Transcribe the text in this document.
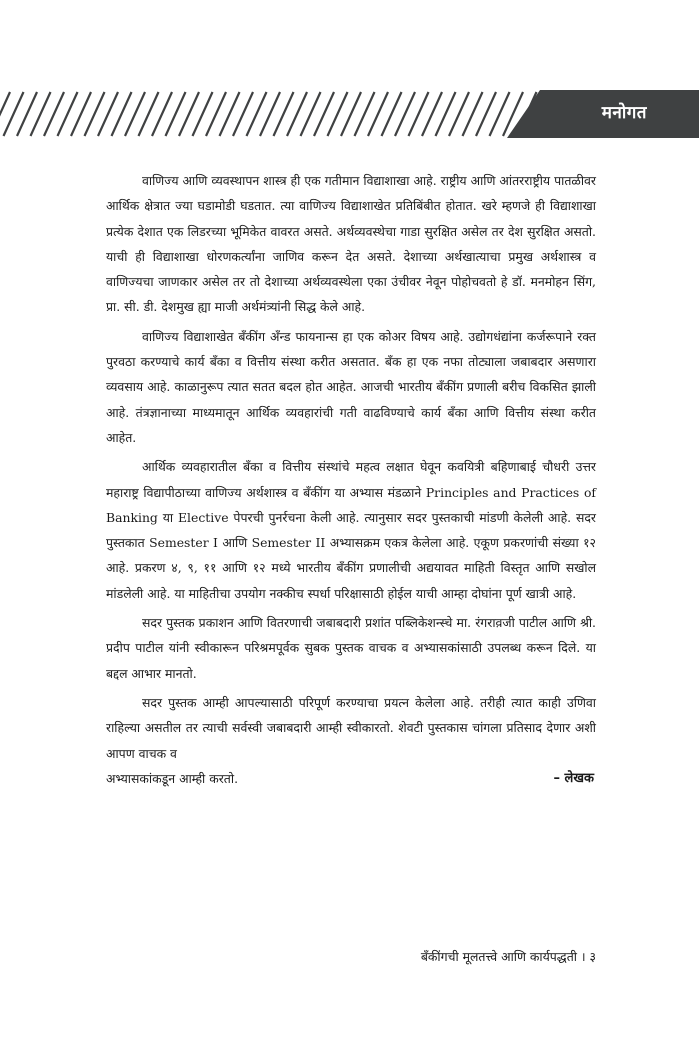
मनोगत

वाणिज्य आणि व्यवस्थापन शास्त्र ही एक गतीमान विद्याशाखा आहे. राष्ट्रीय आणि आंतरराष्ट्रीय पातळीवर आर्थिक क्षेत्रात ज्या घडामोडी घडतात. त्या वाणिज्य विद्याशाखेत प्रतिबिंबीत होतात. खरे म्हणजे ही विद्याशाखा प्रत्येक देशात एक लिडरच्या भूमिकेत वावरत असते. अर्थव्यवस्थेचा गाडा सुरक्षित असेल तर देश सुरक्षित असतो. याची ही विद्याशाखा धोरणकर्त्यांना जाणिव करून देत असते. देशाच्या अर्थखात्याचा प्रमुख अर्थशास्त्र व वाणिज्यचा जाणकार असेल तर तो देशाच्या अर्थव्यवस्थेला एका उंचीवर नेवून पोहोचवतो हे डॉ. मनमोहन सिंग, प्रा. सी. डी. देशमुख ह्या माजी अर्थमंत्र्यांनी सिद्ध केले आहे.

वाणिज्य विद्याशाखेत बँकींग अँन्ड फायनान्स हा एक कोअर विषय आहे. उद्योगधंद्यांना कर्जरूपाने रक्त पुरवठा करण्याचे कार्य बँका व वित्तीय संस्था करीत असतात. बँक हा एक नफा तोट्याला जबाबदार असणारा व्यवसाय आहे. काळानुरूप त्यात सतत बदल होत आहेत. आजची भारतीय बँकींग प्रणाली बरीच विकसित झाली आहे. तंत्रज्ञानाच्या माध्यमातून आर्थिक व्यवहारांची गती वाढविण्याचे कार्य बँका आणि वित्तीय संस्था करीत आहेत.

आर्थिक व्यवहारातील बँका व वित्तीय संस्थांचे महत्व लक्षात घेवून कवयित्री बहिणाबाई चौधरी उत्तर महाराष्ट्र विद्यापीठाच्या वाणिज्य अर्थशास्त्र व बँकींग या अभ्यास मंडळाने Principles and Practices of Banking या Elective पेपरची पुनर्रचना केली आहे. त्यानुसार सदर पुस्तकाची मांडणी केलेली आहे. सदर पुस्तकात Semester I आणि Semester II अभ्यासक्रम एकत्र केलेला आहे. एकूण प्रकरणांची संख्या १२ आहे. प्रकरण ४, ९, ११ आणि १२ मध्ये भारतीय बँकींग प्रणालीची अद्ययावत माहिती विस्तृत आणि सखोल मांडलेली आहे. या माहितीचा उपयोग नक्कीच स्पर्धा परिक्षासाठी होईल याची आम्हा दोघांना पूर्ण खात्री आहे.

सदर पुस्तक प्रकाशन आणि वितरणाची जबाबदारी प्रशांत पब्लिकेशन्स्चे मा. रंगराव़जी पाटील आणि श्री. प्रदीप पाटील यांनी स्वीकारून परिश्रमपूर्वक सुबक पुस्तक वाचक व अभ्यासकांसाठी उपलब्ध करून दिले. या बद्दल आभार मानतो.

सदर पुस्तक आम्ही आपल्यासाठी परिपूर्ण करण्याचा प्रयत्न केलेला आहे. तरीही त्यात काही उणिवा राहिल्या असतील तर त्याची सर्वस्वी जबाबदारी आम्ही स्वीकारतो. शेवटी पुस्तकास चांगला प्रतिसाद देणार अशी आपण वाचक व

अभ्यासकांकडून आम्ही करतो.	– लेखक
बँकींगची मूलतत्त्वे आणि कार्यपद्धती । ३
